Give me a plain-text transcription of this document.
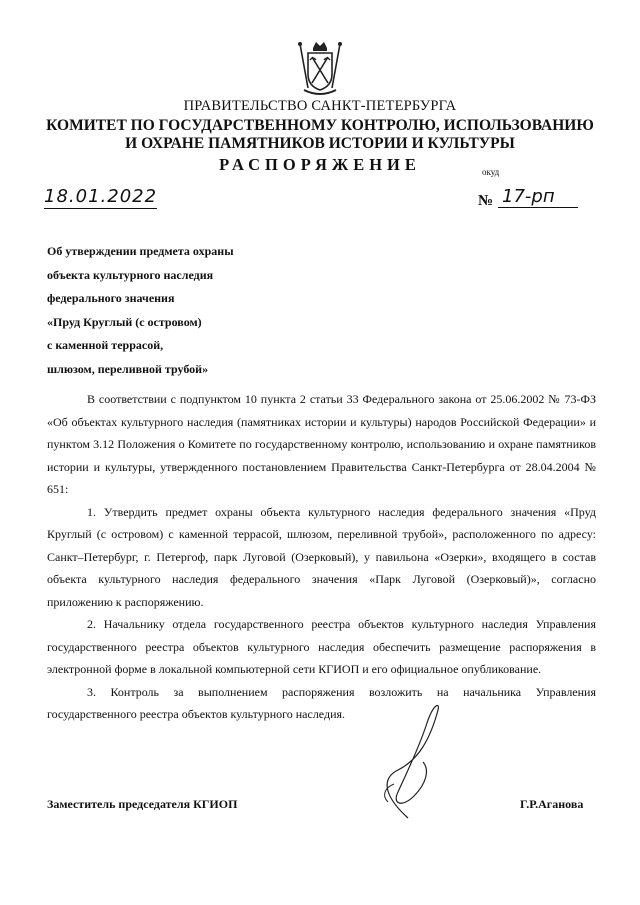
ПРАВИТЕЛЬСТВО САНКТ-ПЕТЕРБУРГА
КОМИТЕТ ПО ГОСУДАРСТВЕННОМУ КОНТРОЛЮ, ИСПОЛЬЗОВАНИЮ
И ОХРАНЕ ПАМЯТНИКОВ ИСТОРИИ И КУЛЬТУРЫ
РАСПОРЯЖЕНИЕ	окуд
18.01.2022	№ 17-рп
Об утверждении предмета охраны
объекта культурного наследия
федерального значения
«Пруд Круглый (с островом)
с каменной террасой,
шлюзом, переливной трубой»

В соответствии с подпунктом 10 пункта 2 статьи 33 Федерального закона от 25.06.2002 № 73-ФЗ «Об объектах культурного наследия (памятниках истории и культуры) народов Российской Федерации» и пунктом 3.12 Положения о Комитете по государственному контролю, использованию и охране памятников истории и культуры, утвержденного постановлением Правительства Санкт-Петербурга от 28.04.2004 № 651:

1. Утвердить предмет охраны объекта культурного наследия федерального значения «Пруд Круглый (с островом) с каменной террасой, шлюзом, переливной трубой», расположенного по адресу: Санкт–Петербург, г. Петергоф, парк Луговой (Озерковый), у павильона «Озерки», входящего в состав объекта культурного наследия федерального значения «Парк Луговой (Озерковый)», согласно приложению к распоряжению.

2. Начальнику отдела государственного реестра объектов культурного наследия Управления государственного реестра объектов культурного наследия обеспечить размещение распоряжения в электронной форме в локальной компьютерной сети КГИОП и его официальное опубликование.

3. Контроль за выполнением распоряжения возложить на начальника Управления государственного реестра объектов культурного наследия.

Заместитель председателя КГИОП	Г.Р.Аганова
